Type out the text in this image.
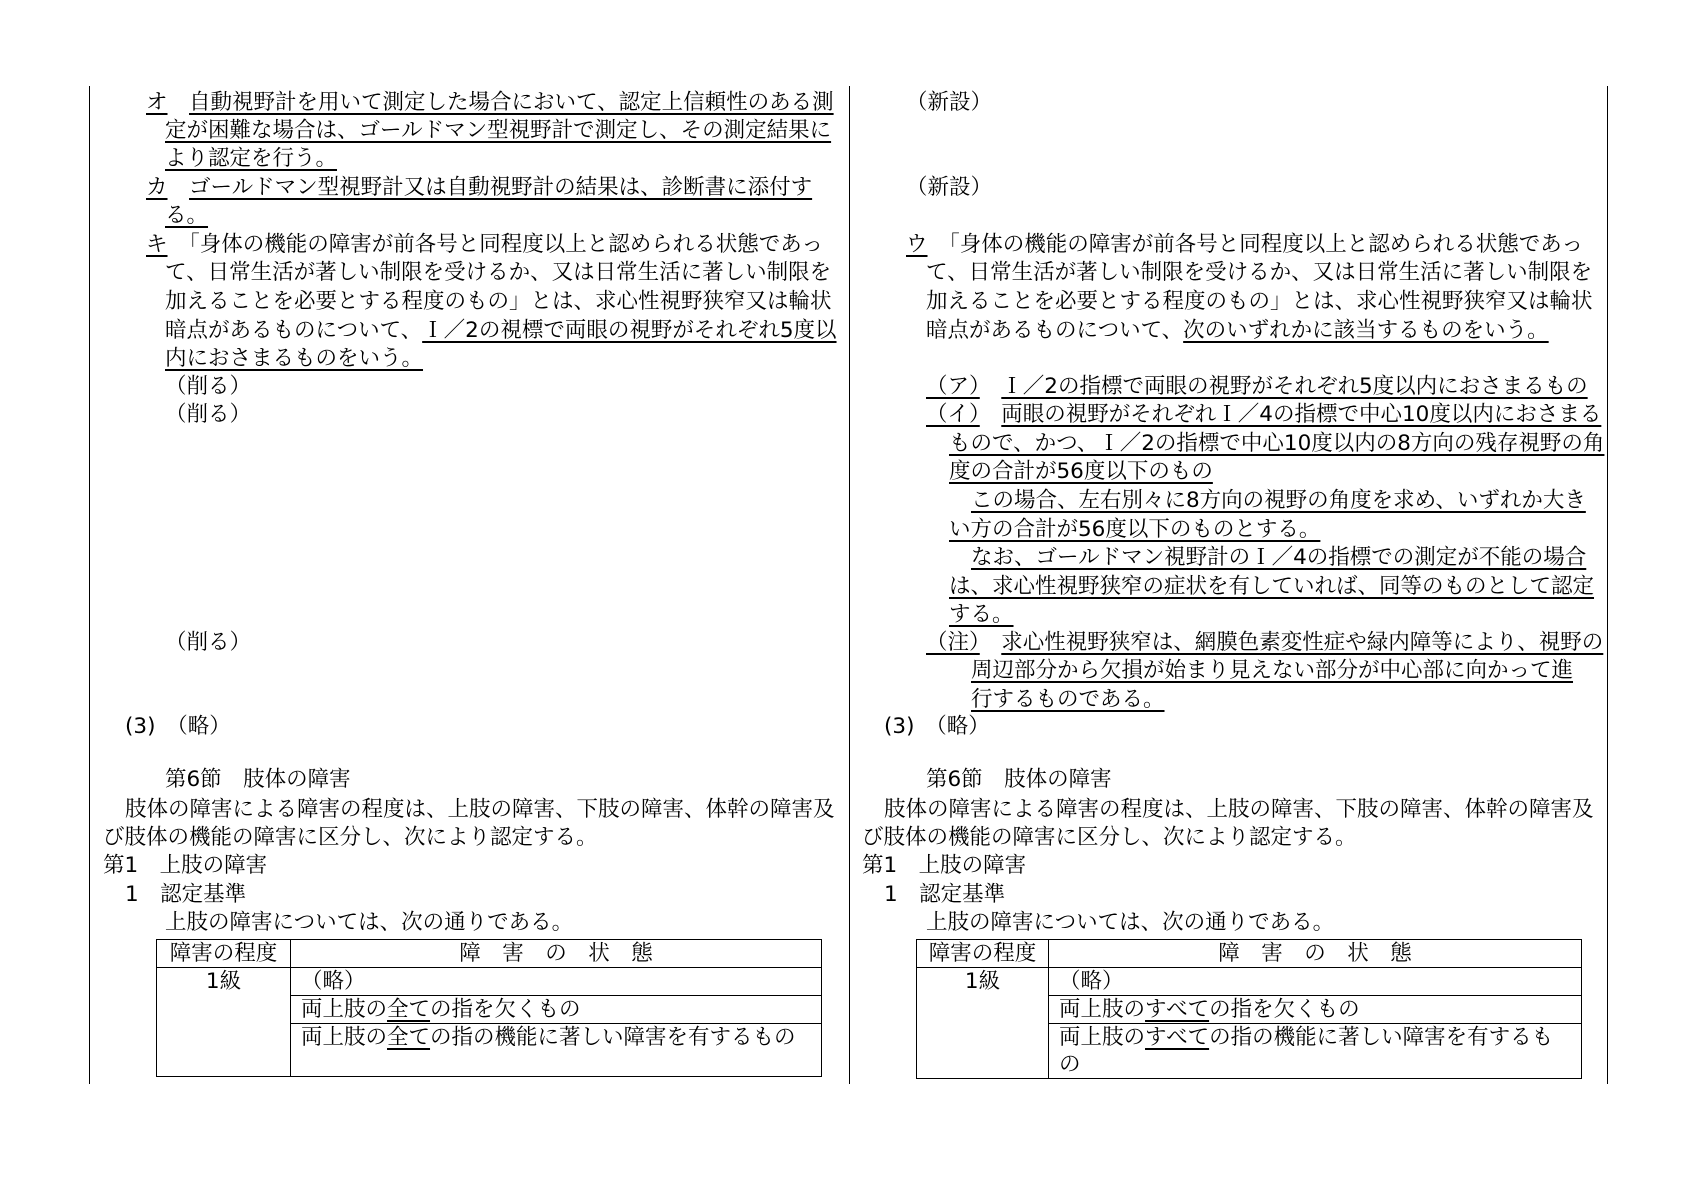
オ　 自動視野計を用いて測定した場合において、認定上信頼性のある測
定が困難な場合は、ゴールドマン型視野計で測定し、その測定結果に
より認定を行う。
カ　 ゴールドマン型視野計又は自動視野計の結果は、診断書に添付す
る。
キ　「身体の機能の障害が前各号と同程度以上と認められる状態であっ
て、日常生活が著しい制限を受けるか、又は日常生活に著しい制限を
加えることを必要とする程度のもの」とは、求心性視野狭窄又は輪状
暗点があるものについて、Ｉ／2の視標で両眼の視野がそれぞれ5度以
内におさまるものをいう。
（削る）
（削る）
（削る）
(3)　（略）
第6節　肢体の障害
肢体の障害による障害の程度は、上肢の障害、下肢の障害、体幹の障害及
び肢体の機能の障害に区分し、次により認定する。
第1　上肢の障害
1　認定基準
上肢の障害については、次の通りである。
（新設）
（新設）
ウ　「身体の機能の障害が前各号と同程度以上と認められる状態であっ
て、日常生活が著しい制限を受けるか、又は日常生活に著しい制限を
加えることを必要とする程度のもの」とは、求心性視野狭窄又は輪状
暗点があるものについて、次のいずれかに該当するものをいう。
（ア）　 Ｉ／2の指標で両眼の視野がそれぞれ5度以内におさまるもの
（イ）　 両眼の視野がそれぞれＩ／4の指標で中心10度以内におさまる
もので、かつ、Ｉ／2の指標で中心10度以内の8方向の残存視野の角
度の合計が56度以下のもの
この場合、左右別々に8方向の視野の角度を求め、いずれか大き
い方の合計が56度以下のものとする。
なお、ゴールドマン視野計のＩ／4の指標での測定が不能の場合
は、求心性視野狭窄の症状を有していれば、同等のものとして認定
する。
（注）　 求心性視野狭窄は、網膜色素変性症や緑内障等により、視野の
周辺部分から欠損が始まり見えない部分が中心部に向かって進
行するものである。
(3)　（略）
第6節　肢体の障害
肢体の障害による障害の程度は、上肢の障害、下肢の障害、体幹の障害及
び肢体の機能の障害に区分し、次により認定する。
第1　上肢の障害
1　認定基準
上肢の障害については、次の通りである。
障害の程度	障　害　の　状　態
1級	（略）
	両上肢の全ての指を欠くもの
	両上肢の全ての指の機能に著しい障害を有するもの
障害の程度	障　害　の　状　態
1級	（略）
	両上肢のすべての指を欠くもの
	両上肢のすべての指の機能に著しい障害を有するもの
